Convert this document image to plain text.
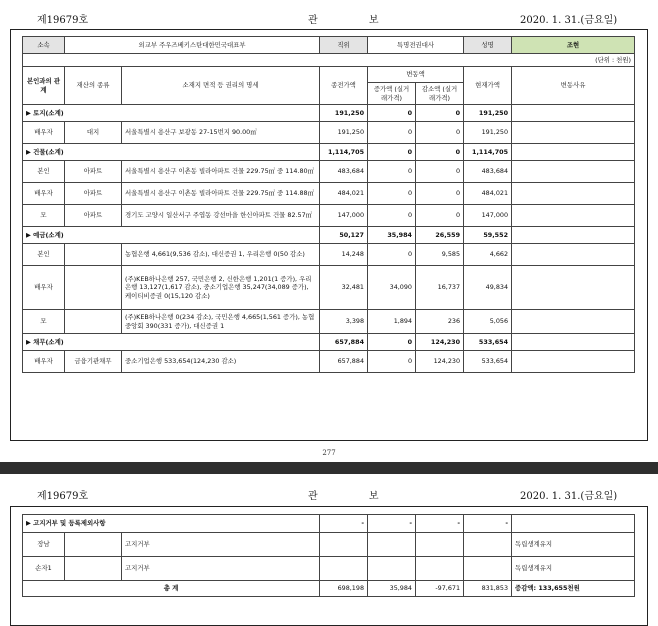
제19679호	관 보	2020. 1. 31.(금요일)
소속	외교부 주우즈베키스탄대한민국대표부		직위	특명전권대사		성명	조현
(단위 : 천원)							
본인과의 관계	재산의 종류	소재지 면적 등 권리의 명세	종전가액	변동액		현재가액	변동사유
				증가액 (실거래가격)	감소액 (실거래가격)		
▶ 토지(소계)			191,250	0	0	191,250	
배우자	대지	서울특별시 용산구 보광동 27-15번지 90.00㎡	191,250	0	0	191,250	
▶ 건물(소계)			1,114,705	0	0	1,114,705	
본인	아파트	서울특별시 용산구 이촌동 빌라아파트 건물 229.75㎡ 중 114.80㎡	483,684	0	0	483,684	
배우자	아파트	서울특별시 용산구 이촌동 빌라아파트 건물 229.75㎡ 중 114.88㎡	484,021	0	0	484,021	
모	아파트	경기도 고양시 일산서구 주엽동 강선마을 한신아파트 건물 82.57㎡	147,000	0	0	147,000	
▶ 예금(소계)			50,127	35,984	26,559	59,552	
본인		농협은행 4,661(9,536 감소), 대신증권 1, 우리은행 0(50 감소)	14,248	0	9,585	4,662	
배우자		(주)KEB하나은행 257, 국민은행 2, 신한은행 1,201(1 증가), 우리은행 13,127(1,617 감소), 중소기업은행 35,247(34,089 증가), 케이티비증권 0(15,120 감소)	32,481	34,090	16,737	49,834	
모		(주)KEB하나은행 0(234 감소), 국민은행 4,665(1,561 증가), 농협중앙회 390(331 증가), 대신증권 1	3,398	1,894	236	5,056	
▶ 채무(소계)			657,884	0	124,230	533,654	
배우자	금융기관채무	중소기업은행 533,654(124,230 감소)	657,884	0	124,230	533,654	
277
제19679호	관 보	2020. 1. 31.(금요일)
▶ 고지거부 및 등록제외사항			-	-	-	-	
장남		고지거부					독립생계유지
손자1		고지거부					독립생계유지
총 계			698,198	35,984	-97,671	831,853	증감액: 133,655천원
